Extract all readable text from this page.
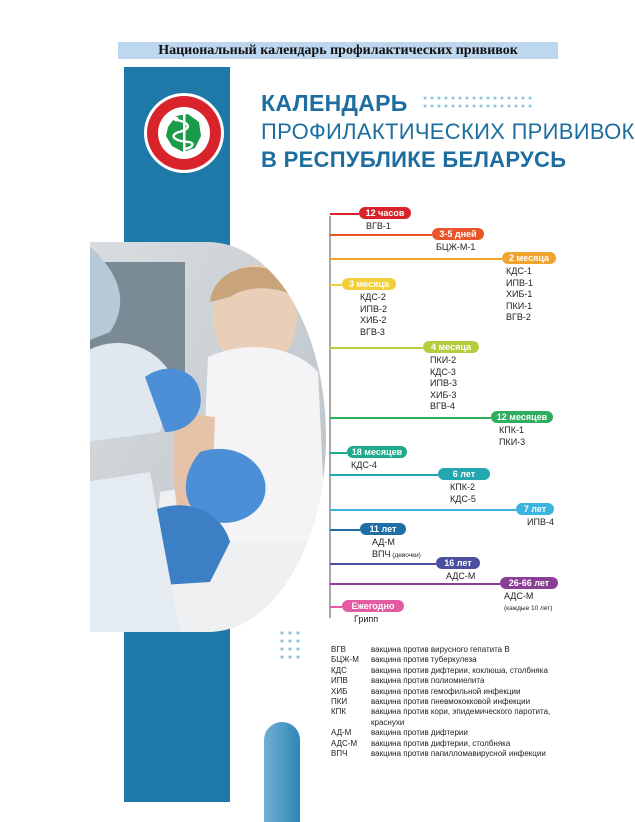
Национальный календарь профилактических прививок
КАЛЕНДАРЬ
ПРОФИЛАКТИЧЕСКИХ ПРИВИВОК
В РЕСПУБЛИКЕ БЕЛАРУСЬ
12 часов
ВГВ-1
3-5 дней
БЦЖ-М-1
2 месяца
КДС-1
ИПВ-1
ХИБ-1
ПКИ-1
ВГВ-2
3 месяца
КДС-2
ИПВ-2
ХИБ-2
ВГВ-3
4 месяца
ПКИ-2
КДС-3
ИПВ-3
ХИБ-3
ВГВ-4
12 месяцев
КПК-1
ПКИ-3
18 месяцев
КДС-4
6 лет
КПК-2
КДС-5
7 лет
ИПВ-4
11 лет
АД-М
ВПЧ (девочки)
16 лет
АДС-М
26-66 лет
АДС-М
(каждые 10 лет)
Ежегодно
Грипп
ВГВ	вакцина против вирусного гепатита В
БЦЖ-М	вакцина против туберкулеза
КДС	вакцина против дифтерии, коклюша, столбняка
ИПВ	вакцина против полиомиелита
ХИБ	вакцина против гемофильной инфекции
ПКИ	вакцина против пневмококковой инфекции
КПК	вакцина против кори, эпидемического паротита, краснухи
АД-М	вакцина против дифтерии
АДС-М	вакцина против дифтерии, столбняка
ВПЧ	вакцина против папилломавирусной инфекции
